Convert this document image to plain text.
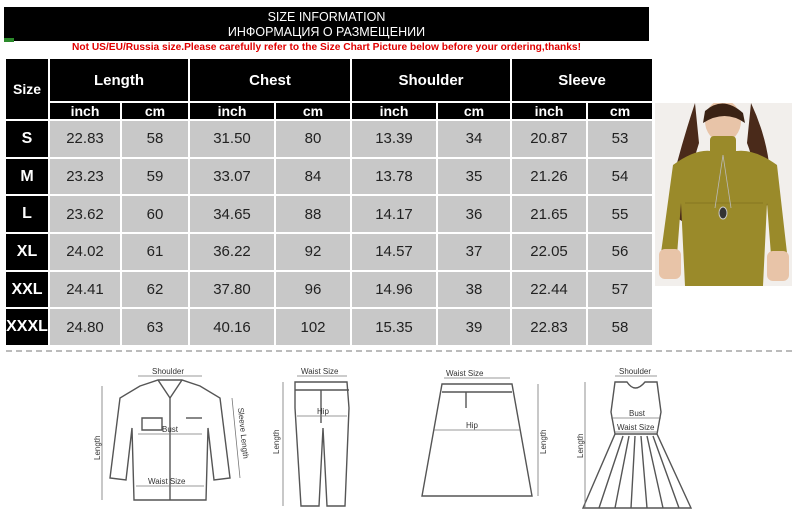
SIZE INFORMATION
ИНФОРМАЦИЯ О РАЗМЕЩЕНИИ
Not US/EU/Russia size.Please carefully refer to the Size Chart Picture below before your ordering,thanks!
Size	Length		Chest		Shoulder		Sleeve	
	inch	cm	inch	cm	inch	cm	inch	cm
S	22.83	58	31.50	80	13.39	34	20.87	53
M	23.23	59	33.07	84	13.78	35	21.26	54
L	23.62	60	34.65	88	14.17	36	21.65	55
XL	24.02	61	36.22	92	14.57	37	22.05	56
XXL	24.41	62	37.80	96	14.96	38	22.44	57
XXXL	24.80	63	40.16	102	15.35	39	22.83	58
Shoulder
Bust
Waist Size
Length	Sleeve Length
Waist Size
Hip
Length
Waist Size
Hip
Length
Shoulder
Bust
Waist Size
Length
